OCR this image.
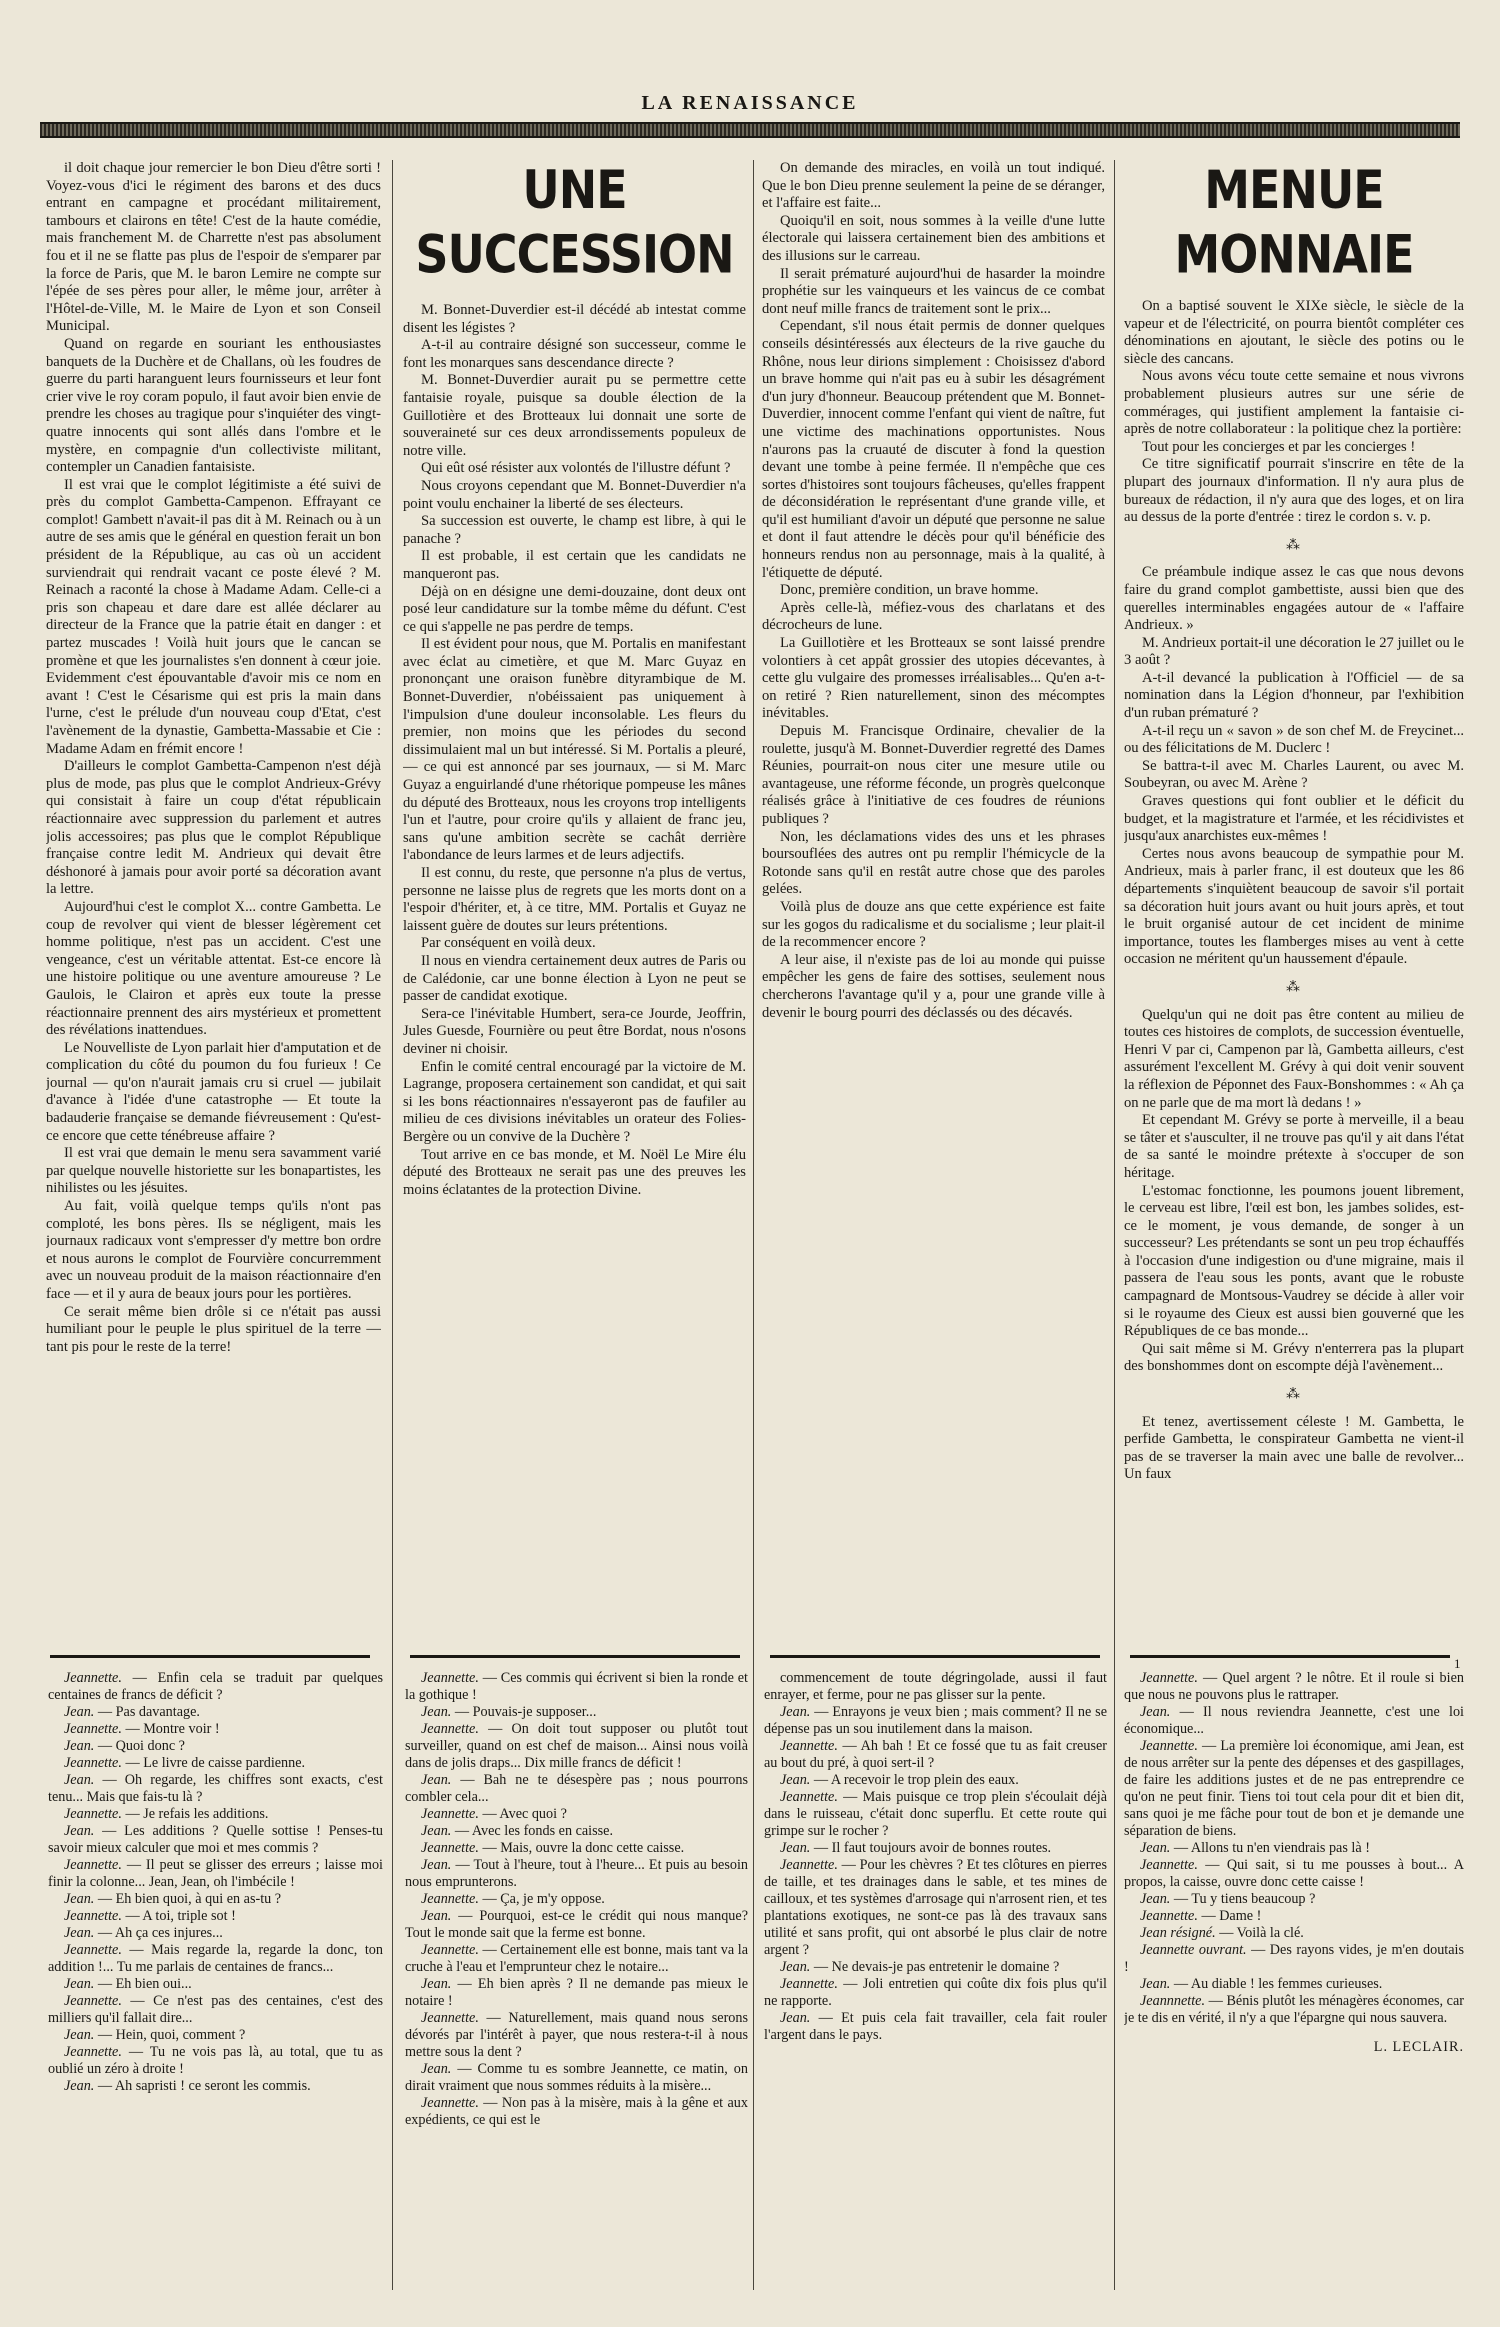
LA RENAISSANCE

il doit chaque jour remercier le bon Dieu d'être sorti ! Voyez-vous d'ici le régiment des barons et des ducs entrant en campagne et procédant militairement, tambours et clairons en tête! C'est de la haute comédie, mais franchement M. de Charrette n'est pas absolument fou et il ne se flatte pas plus de l'espoir de s'emparer par la force de Paris, que M. le baron Lemire ne compte sur l'épée de ses pères pour aller, le même jour, arrêter à l'Hôtel-de-Ville, M. le Maire de Lyon et son Conseil Municipal.

Quand on regarde en souriant les enthousiastes banquets de la Duchère et de Challans, où les foudres de guerre du parti haranguent leurs fournisseurs et leur font crier vive le roy coram populo, il faut avoir bien envie de prendre les choses au tragique pour s'inquiéter des vingt-quatre innocents qui sont allés dans l'ombre et le mystère, en compagnie d'un collectiviste militant, contempler un Canadien fantaisiste.

Il est vrai que le complot légitimiste a été suivi de près du complot Gambetta-Campenon. Effrayant ce complot! Gambett n'avait-il pas dit à M. Reinach ou à un autre de ses amis que le général en question ferait un bon président de la République, au cas où un accident surviendrait qui rendrait vacant ce poste élevé ? M. Reinach a raconté la chose à Madame Adam. Celle-ci a pris son chapeau et dare dare est allée déclarer au directeur de la France que la patrie était en danger : et partez muscades ! Voilà huit jours que le cancan se promène et que les journalistes s'en donnent à cœur joie. Evidemment c'est épouvantable d'avoir mis ce nom en avant ! C'est le Césarisme qui est pris la main dans l'urne, c'est le prélude d'un nouveau coup d'Etat, c'est l'avènement de la dynastie, Gambetta-Massabie et Cie : Madame Adam en frémit encore !

D'ailleurs le complot Gambetta-Campenon n'est déjà plus de mode, pas plus que le complot Andrieux-Grévy qui consistait à faire un coup d'état républicain réactionnaire avec suppression du parlement et autres jolis accessoires; pas plus que le complot République française contre ledit M. Andrieux qui devait être déshonoré à jamais pour avoir porté sa décoration avant la lettre.

Aujourd'hui c'est le complot X... contre Gambetta. Le coup de revolver qui vient de blesser légèrement cet homme politique, n'est pas un accident. C'est une vengeance, c'est un véritable attentat. Est-ce encore là une histoire politique ou une aventure amoureuse ? Le Gaulois, le Clairon et après eux toute la presse réactionnaire prennent des airs mystérieux et promettent des révélations inattendues.

Le Nouvelliste de Lyon parlait hier d'amputation et de complication du côté du poumon du fou furieux ! Ce journal — qu'on n'aurait jamais cru si cruel — jubilait d'avance à l'idée d'une catastrophe — Et toute la badauderie française se demande fiévreusement : Qu'est-ce encore que cette ténébreuse affaire ?

Il est vrai que demain le menu sera savamment varié par quelque nouvelle historiette sur les bonapartistes, les nihilistes ou les jésuites.

Au fait, voilà quelque temps qu'ils n'ont pas comploté, les bons pères. Ils se négligent, mais les journaux radicaux vont s'empresser d'y mettre bon ordre et nous aurons le complot de Fourvière concurremment avec un nouveau produit de la maison réactionnaire d'en face — et il y aura de beaux jours pour les portières.

Ce serait même bien drôle si ce n'était pas aussi humiliant pour le peuple le plus spirituel de la terre — tant pis pour le reste de la terre!

UNE SUCCESSION

M. Bonnet-Duverdier est-il décédé ab intestat comme disent les légistes ?

A-t-il au contraire désigné son successeur, comme le font les monarques sans descendance directe ?

M. Bonnet-Duverdier aurait pu se permettre cette fantaisie royale, puisque sa double élection de la Guillotière et des Brotteaux lui donnait une sorte de souveraineté sur ces deux arrondissements populeux de notre ville.

Qui eût osé résister aux volontés de l'illustre défunt ?

Nous croyons cependant que M. Bonnet-Duverdier n'a point voulu enchainer la liberté de ses électeurs.

Sa succession est ouverte, le champ est libre, à qui le panache ?

Il est probable, il est certain que les candidats ne manqueront pas.

Déjà on en désigne une demi-douzaine, dont deux ont posé leur candidature sur la tombe même du défunt. C'est ce qui s'appelle ne pas perdre de temps.

Il est évident pour nous, que M. Portalis en manifestant avec éclat au cimetière, et que M. Marc Guyaz en prononçant une oraison funèbre dityrambique de M. Bonnet-Duverdier, n'obéissaient pas uniquement à l'impulsion d'une douleur inconsolable. Les fleurs du premier, non moins que les périodes du second dissimulaient mal un but intéressé. Si M. Portalis a pleuré, — ce qui est annoncé par ses journaux, — si M. Marc Guyaz a enguirlandé d'une rhétorique pompeuse les mânes du député des Brotteaux, nous les croyons trop intelligents l'un et l'autre, pour croire qu'ils y allaient de franc jeu, sans qu'une ambition secrète se cachât derrière l'abondance de leurs larmes et de leurs adjectifs.

Il est connu, du reste, que personne n'a plus de vertus, personne ne laisse plus de regrets que les morts dont on a l'espoir d'hériter, et, à ce titre, MM. Portalis et Guyaz ne laissent guère de doutes sur leurs prétentions.

Par conséquent en voilà deux.

Il nous en viendra certainement deux autres de Paris ou de Calédonie, car une bonne élection à Lyon ne peut se passer de candidat exotique.

Sera-ce l'inévitable Humbert, sera-ce Jourde, Jeoffrin, Jules Guesde, Fournière ou peut être Bordat, nous n'osons deviner ni choisir.

Enfin le comité central encouragé par la victoire de M. Lagrange, proposera certainement son candidat, et qui sait si les bons réactionnaires n'essayeront pas de faufiler au milieu de ces divisions inévitables un orateur des Folies-Bergère ou un convive de la Duchère ?

Tout arrive en ce bas monde, et M. Noël Le Mire élu député des Brotteaux ne serait pas une des preuves les moins éclatantes de la protection Divine.

On demande des miracles, en voilà un tout indiqué. Que le bon Dieu prenne seulement la peine de se déranger, et l'affaire est faite...

Quoiqu'il en soit, nous sommes à la veille d'une lutte électorale qui laissera certainement bien des ambitions et des illusions sur le carreau.

Il serait prématuré aujourd'hui de hasarder la moindre prophétie sur les vainqueurs et les vaincus de ce combat dont neuf mille francs de traitement sont le prix...

Cependant, s'il nous était permis de donner quelques conseils désintéressés aux électeurs de la rive gauche du Rhône, nous leur dirions simplement : Choisissez d'abord un brave homme qui n'ait pas eu à subir les désagrément d'un jury d'honneur. Beaucoup prétendent que M. Bonnet-Duverdier, innocent comme l'enfant qui vient de naître, fut une victime des machinations opportunistes. Nous n'aurons pas la cruauté de discuter à fond la question devant une tombe à peine fermée. Il n'empêche que ces sortes d'histoires sont toujours fâcheuses, qu'elles frappent de déconsidération le représentant d'une grande ville, et qu'il est humiliant d'avoir un député que personne ne salue et dont il faut attendre le décès pour qu'il bénéficie des honneurs rendus non au personnage, mais à la qualité, à l'étiquette de député.

Donc, première condition, un brave homme.

Après celle-là, méfiez-vous des charlatans et des décrocheurs de lune.

La Guillotière et les Brotteaux se sont laissé prendre volontiers à cet appât grossier des utopies décevantes, à cette glu vulgaire des promesses irréalisables... Qu'en a-t-on retiré ? Rien naturellement, sinon des mécomptes inévitables.

Depuis M. Francisque Ordinaire, chevalier de la roulette, jusqu'à M. Bonnet-Duverdier regretté des Dames Réunies, pourrait-on nous citer une mesure utile ou avantageuse, une réforme féconde, un progrès quelconque réalisés grâce à l'initiative de ces foudres de réunions publiques ?

Non, les déclamations vides des uns et les phrases boursouflées des autres ont pu remplir l'hémicycle de la Rotonde sans qu'il en restât autre chose que des paroles gelées.

Voilà plus de douze ans que cette expérience est faite sur les gogos du radicalisme et du socialisme ; leur plait-il de la recommencer encore ?

A leur aise, il n'existe pas de loi au monde qui puisse empêcher les gens de faire des sottises, seulement nous chercherons l'avantage qu'il y a, pour une grande ville à devenir le bourg pourri des déclassés ou des décavés.

MENUE MONNAIE

On a baptisé souvent le XIXe siècle, le siècle de la vapeur et de l'électricité, on pourra bientôt compléter ces dénominations en ajoutant, le siècle des potins ou le siècle des cancans.

Nous avons vécu toute cette semaine et nous vivrons probablement plusieurs autres sur une série de commérages, qui justifient amplement la fantaisie ci-après de notre collaborateur : la politique chez la portière:

Tout pour les concierges et par les concierges !

Ce titre significatif pourrait s'inscrire en tête de la plupart des journaux d'information. Il n'y aura plus de bureaux de rédaction, il n'y aura que des loges, et on lira au dessus de la porte d'entrée : tirez le cordon s. v. p.

⁂

Ce préambule indique assez le cas que nous devons faire du grand complot gambettiste, aussi bien que des querelles interminables engagées autour de « l'affaire Andrieux. »

M. Andrieux portait-il une décoration le 27 juillet ou le 3 août ?

A-t-il devancé la publication à l'Officiel — de sa nomination dans la Légion d'honneur, par l'exhibition d'un ruban prématuré ?

A-t-il reçu un « savon » de son chef M. de Freycinet... ou des félicitations de M. Duclerc !

Se battra-t-il avec M. Charles Laurent, ou avec M. Soubeyran, ou avec M. Arène ?

Graves questions qui font oublier et le déficit du budget, et la magistrature et l'armée, et les récidivistes et jusqu'aux anarchistes eux-mêmes !

Certes nous avons beaucoup de sympathie pour M. Andrieux, mais à parler franc, il est douteux que les 86 départements s'inquiètent beaucoup de savoir s'il portait sa décoration huit jours avant ou huit jours après, et tout le bruit organisé autour de cet incident de minime importance, toutes les flamberges mises au vent à cette occasion ne méritent qu'un haussement d'épaule.

⁂

Quelqu'un qui ne doit pas être content au milieu de toutes ces histoires de complots, de succession éventuelle, Henri V par ci, Campenon par là, Gambetta ailleurs, c'est assurément l'excellent M. Grévy à qui doit venir souvent la réflexion de Péponnet des Faux-Bonshommes : « Ah ça on ne parle que de ma mort là dedans ! »

Et cependant M. Grévy se porte à merveille, il a beau se tâter et s'ausculter, il ne trouve pas qu'il y ait dans l'état de sa santé le moindre prétexte à s'occuper de son héritage.

L'estomac fonctionne, les poumons jouent librement, le cerveau est libre, l'œil est bon, les jambes solides, est-ce le moment, je vous demande, de songer à un successeur? Les prétendants se sont un peu trop échauffés à l'occasion d'une indigestion ou d'une migraine, mais il passera de l'eau sous les ponts, avant que le robuste campagnard de Montsous-Vaudrey se décide à aller voir si le royaume des Cieux est aussi bien gouverné que les Républiques de ce bas monde...

Qui sait même si M. Grévy n'enterrera pas la plupart des bonshommes dont on escompte déjà l'avènement...

⁂

Et tenez, avertissement céleste ! M. Gambetta, le perfide Gambetta, le conspirateur Gambetta ne vient-il pas de se traverser la main avec une balle de revolver... Un faux

1

Jeannette. — Enfin cela se traduit par quelques centaines de francs de déficit ?

Jean. — Pas davantage.

Jeannette. — Montre voir !

Jean. — Quoi donc ?

Jeannette. — Le livre de caisse pardienne.

Jean. — Oh regarde, les chiffres sont exacts, c'est tenu... Mais que fais-tu là ?

Jeannette. — Je refais les additions.

Jean. — Les additions ? Quelle sottise ! Penses-tu savoir mieux calculer que moi et mes commis ?

Jeannette. — Il peut se glisser des erreurs ; laisse moi finir la colonne... Jean, Jean, oh l'imbécile !

Jean. — Eh bien quoi, à qui en as-tu ?

Jeannette. — A toi, triple sot !

Jean. — Ah ça ces injures...

Jeannette. — Mais regarde la, regarde la donc, ton addition !... Tu me parlais de centaines de francs...

Jean. — Eh bien oui...

Jeannette. — Ce n'est pas des centaines, c'est des milliers qu'il fallait dire...

Jean. — Hein, quoi, comment ?

Jeannette. — Tu ne vois pas là, au total, que tu as oublié un zéro à droite !

Jean. — Ah sapristi ! ce seront les commis.

Jeannette. — Ces commis qui écrivent si bien la ronde et la gothique !

Jean. — Pouvais-je supposer...

Jeannette. — On doit tout supposer ou plutôt tout surveiller, quand on est chef de maison... Ainsi nous voilà dans de jolis draps... Dix mille francs de déficit !

Jean. — Bah ne te désespère pas ; nous pourrons combler cela...

Jeannette. — Avec quoi ?

Jean. — Avec les fonds en caisse.

Jeannette. — Mais, ouvre la donc cette caisse.

Jean. — Tout à l'heure, tout à l'heure... Et puis au besoin nous emprunterons.

Jeannette. — Ça, je m'y oppose.

Jean. — Pourquoi, est-ce le crédit qui nous manque? Tout le monde sait que la ferme est bonne.

Jeannette. — Certainement elle est bonne, mais tant va la cruche à l'eau et l'emprunteur chez le notaire...

Jean. — Eh bien après ? Il ne demande pas mieux le notaire !

Jeannette. — Naturellement, mais quand nous serons dévorés par l'intérêt à payer, que nous restera-t-il à nous mettre sous la dent ?

Jean. — Comme tu es sombre Jeannette, ce matin, on dirait vraiment que nous sommes réduits à la misère...

Jeannette. — Non pas à la misère, mais à la gêne et aux expédients, ce qui est le

commencement de toute dégringolade, aussi il faut enrayer, et ferme, pour ne pas glisser sur la pente.

Jean. — Enrayons je veux bien ; mais comment? Il ne se dépense pas un sou inutilement dans la maison.

Jeannette. — Ah bah ! Et ce fossé que tu as fait creuser au bout du pré, à quoi sert-il ?

Jean. — A recevoir le trop plein des eaux.

Jeannette. — Mais puisque ce trop plein s'écoulait déjà dans le ruisseau, c'était donc superflu. Et cette route qui grimpe sur le rocher ?

Jean. — Il faut toujours avoir de bonnes routes.

Jeannette. — Pour les chèvres ? Et tes clôtures en pierres de taille, et tes drainages dans le sable, et tes mines de cailloux, et tes systèmes d'arrosage qui n'arrosent rien, et tes plantations exotiques, ne sont-ce pas là des travaux sans utilité et sans profit, qui ont absorbé le plus clair de notre argent ?

Jean. — Ne devais-je pas entretenir le domaine ?

Jeannette. — Joli entretien qui coûte dix fois plus qu'il ne rapporte.

Jean. — Et puis cela fait travailler, cela fait rouler l'argent dans le pays.

Jeannette. — Quel argent ? le nôtre. Et il roule si bien que nous ne pouvons plus le rattraper.

Jean. — Il nous reviendra Jeannette, c'est une loi économique...

Jeannette. — La première loi économique, ami Jean, est de nous arrêter sur la pente des dépenses et des gaspillages, de faire les additions justes et de ne pas entreprendre ce qu'on ne peut finir. Tiens toi tout cela pour dit et bien dit, sans quoi je me fâche pour tout de bon et je demande une séparation de biens.

Jean. — Allons tu n'en viendrais pas là !

Jeannette. — Qui sait, si tu me pousses à bout... A propos, la caisse, ouvre donc cette caisse !

Jean. — Tu y tiens beaucoup ?

Jeannette. — Dame !

Jean résigné. — Voilà la clé.

Jeannette ouvrant. — Des rayons vides, je m'en doutais !

Jean. — Au diable ! les femmes curieuses.

Jeannnette. — Bénis plutôt les ménagères économes, car je te dis en vérité, il n'y a que l'épargne qui nous sauvera.

L. LECLAIR.
